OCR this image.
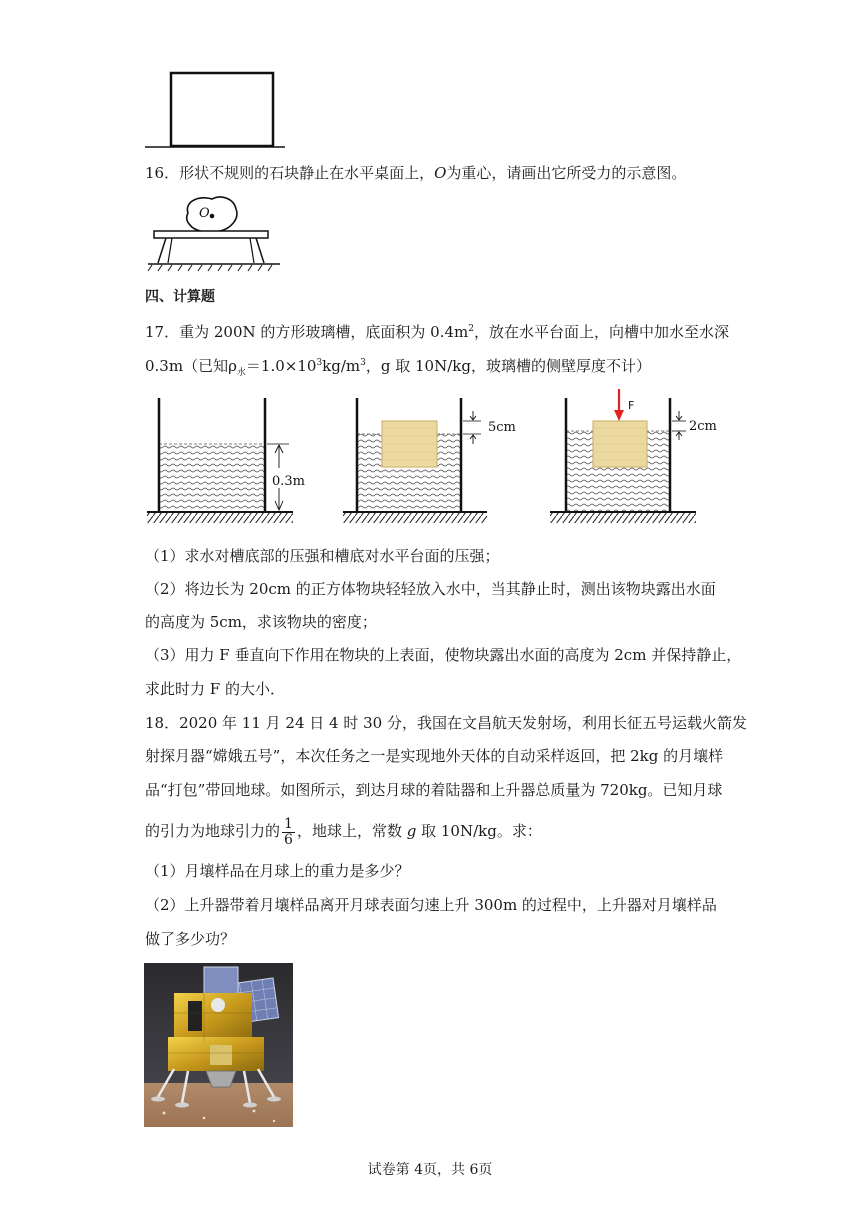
16．形状不规则的石块静止在水平桌面上，O为重心，请画出它所受力的示意图。
O
四、计算题
17．重为 200N 的方形玻璃槽，底面积为 $0.4m^2$，放在水平台面上，向槽中加水至水深
0.3m（已知$\rho_水=1.0\times 10^3kg/m^3$，g 取 10N/kg，玻璃槽的侧壁厚度不计）
0.3m
5cm
F
2cm
（1）求水对槽底部的压强和槽底对水平台面的压强；
（2）将边长为 20cm 的正方体物块轻轻放入水中，当其静止时，测出该物块露出水面
的高度为 5cm，求该物块的密度；
（3）用力 F 垂直向下作用在物块的上表面，使物块露出水面的高度为 2cm 并保持静止，
求此时力 F 的大小．
18．2020 年 11 月 24 日 4 时 30 分，我国在文昌航天发射场，利用长征五号运载火箭发
射探月器“嫦娥五号”，本次任务之一是实现地外天体的自动采样返回，把 2kg 的月壤样
品“打包”带回地球。如图所示，到达月球的着陆器和上升器总质量为 720kg。已知月球
的引力为地球引力的 $\frac{1}{6}$ ，地球上，常数 g 取 10N/kg。求：
（1）月壤样品在月球上的重力是多少？
（2）上升器带着月壤样品离开月球表面匀速上升 300m 的过程中，上升器对月壤样品
做了多少功？
试卷第 4页，共 6页
